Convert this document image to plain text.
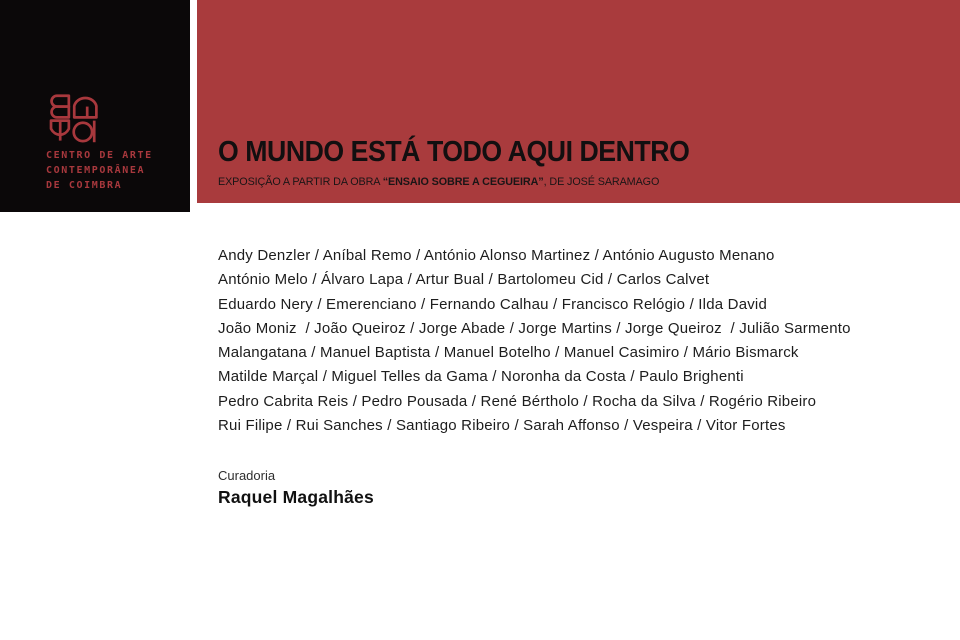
CENTRO DE ARTE
CONTEMPORÂNEA
DE COIMBRA
O MUNDO ESTÁ TODO AQUI DENTRO
EXPOSIÇÃO A PARTIR DA OBRA “ENSAIO SOBRE A CEGUEIRA”, DE JOSÉ SARAMAGO
Andy Denzler / Aníbal Remo / António Alonso Martinez / António Augusto Menano
António Melo / Álvaro Lapa / Artur Bual / Bartolomeu Cid / Carlos Calvet
Eduardo Nery / Emerenciano / Fernando Calhau / Francisco Relógio / Ilda David
João Moniz  / João Queiroz / Jorge Abade / Jorge Martins / Jorge Queiroz  / Julião Sarmento
Malangatana / Manuel Baptista / Manuel Botelho / Manuel Casimiro / Mário Bismarck
Matilde Marçal / Miguel Telles da Gama / Noronha da Costa / Paulo Brighenti
Pedro Cabrita Reis / Pedro Pousada / René Bértholo / Rocha da Silva / Rogério Ribeiro
Rui Filipe / Rui Sanches / Santiago Ribeiro / Sarah Affonso / Vespeira / Vitor Fortes
Curadoria
Raquel Magalhães
